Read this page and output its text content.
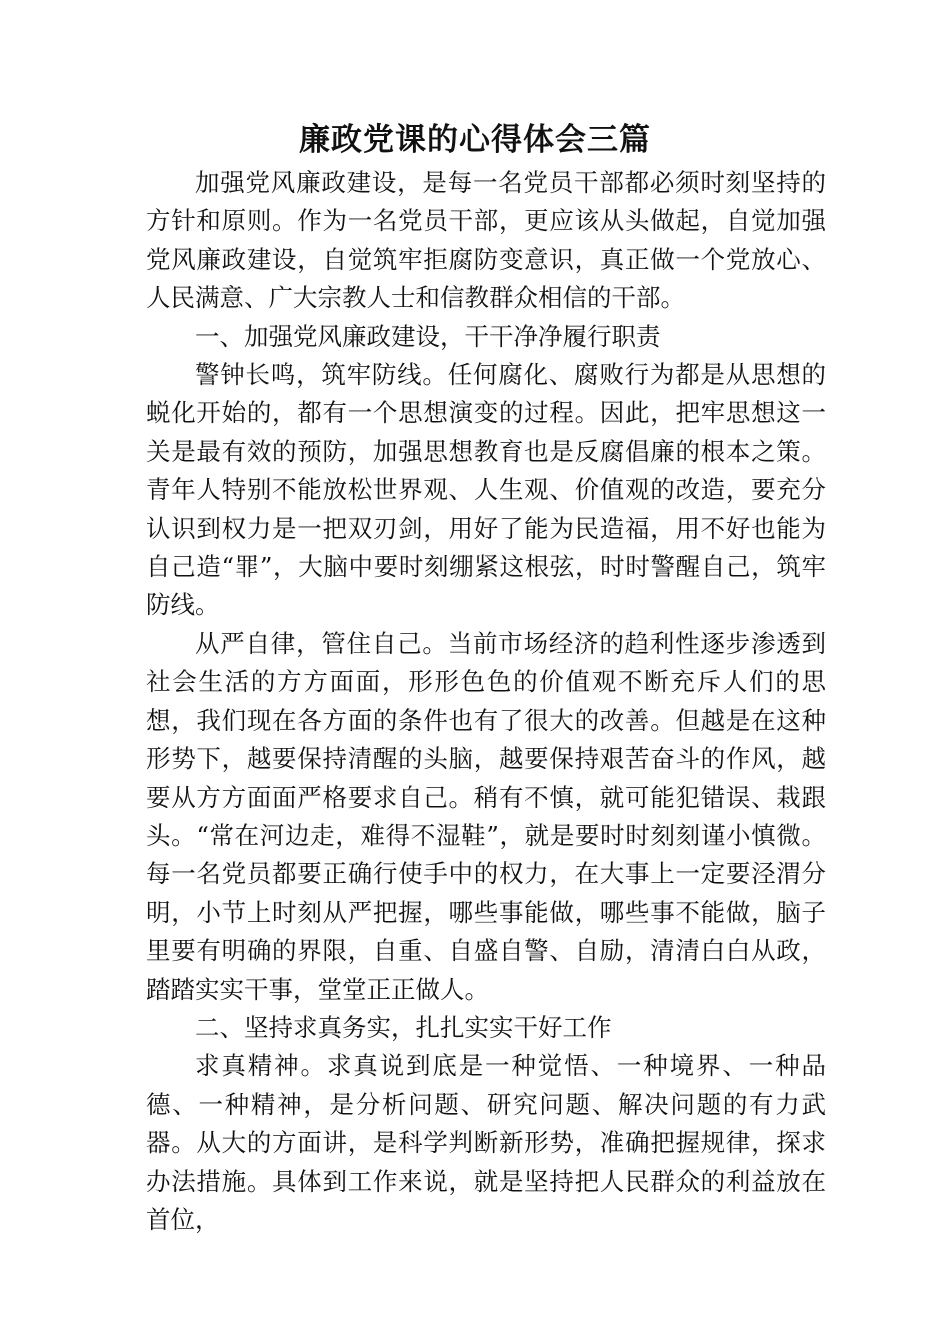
廉政党课的心得体会三篇

加强党风廉政建设，是每一名党员干部都必须时刻坚持的方针和原则。作为一名党员干部，更应该从头做起，自觉加强党风廉政建设，自觉筑牢拒腐防变意识，真正做一个党放心、人民满意、广大宗教人士和信教群众相信的干部。

一、加强党风廉政建设，干干净净履行职责

警钟长鸣，筑牢防线。任何腐化、腐败行为都是从思想的蜕化开始的，都有一个思想演变的过程。因此，把牢思想这一关是最有效的预防，加强思想教育也是反腐倡廉的根本之策。青年人特别不能放松世界观、人生观、价值观的改造，要充分认识到权力是一把双刃剑，用好了能为民造福，用不好也能为自己造“罪”，大脑中要时刻绷紧这根弦，时时警醒自己，筑牢防线。

从严自律，管住自己。当前市场经济的趋利性逐步渗透到社会生活的方方面面，形形色色的价值观不断充斥人们的思想，我们现在各方面的条件也有了很大的改善。但越是在这种形势下，越要保持清醒的头脑，越要保持艰苦奋斗的作风，越要从方方面面严格要求自己。稍有不慎，就可能犯错误、栽跟头。“常在河边走，难得不湿鞋”，就是要时时刻刻谨小慎微。每一名党员都要正确行使手中的权力，在大事上一定要泾渭分明，小节上时刻从严把握，哪些事能做，哪些事不能做，脑子里要有明确的界限，自重、自盛自警、自励，清清白白从政，踏踏实实干事，堂堂正正做人。

二、坚持求真务实，扎扎实实干好工作

求真精神。求真说到底是一种觉悟、一种境界、一种品德、一种精神，是分析问题、研究问题、解决问题的有力武器。从大的方面讲，是科学判断新形势，准确把握规律，探求办法措施。具体到工作来说，就是坚持把人民群众的利益放在首位，
